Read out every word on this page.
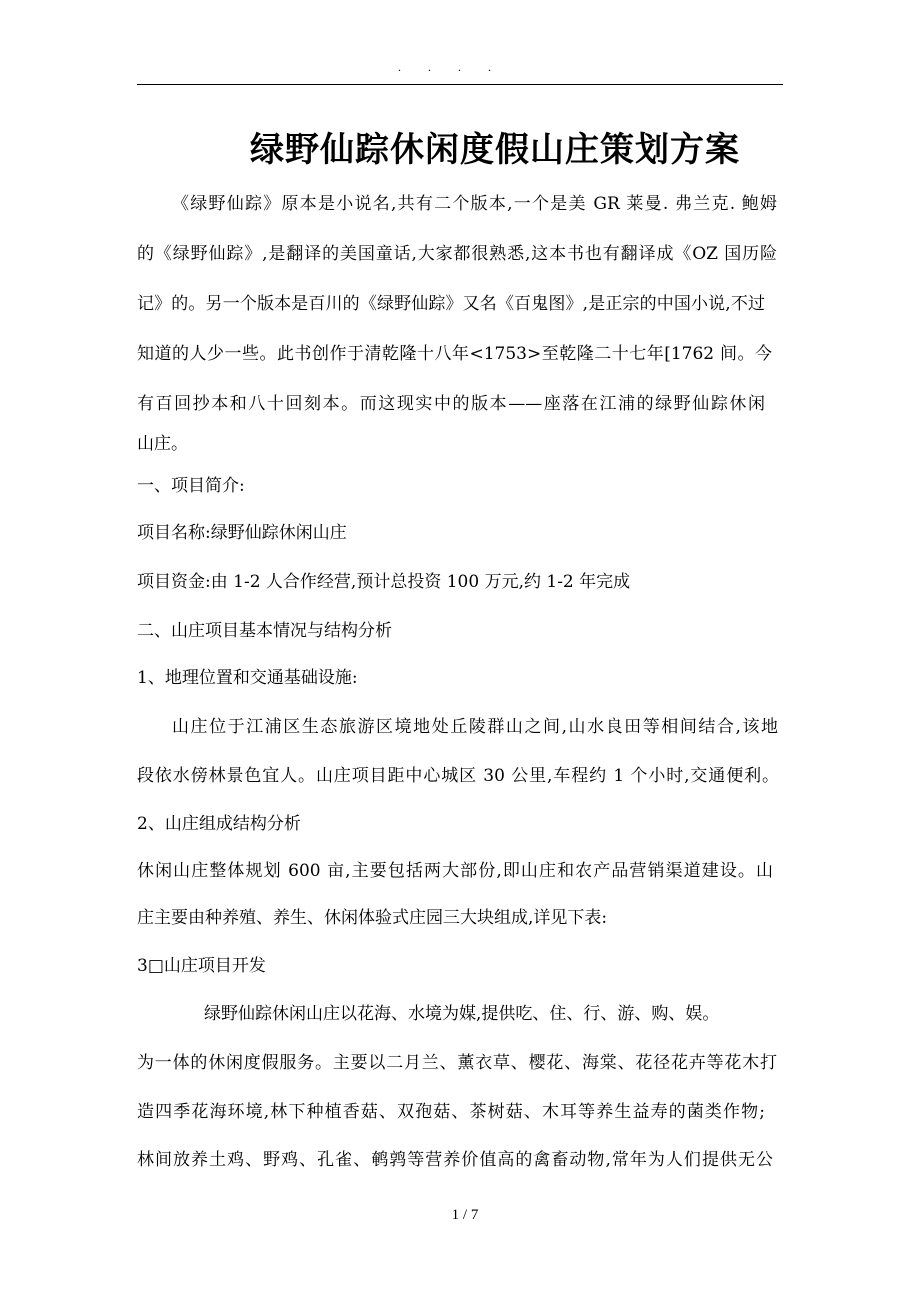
. . . .
绿野仙踪休闲度假山庄策划方案
《绿野仙踪》原本是小说名,共有二个版本,一个是美 GR 莱曼. 弗兰克. 鲍姆
的《绿野仙踪》,是翻译的美国童话,大家都很熟悉,这本书也有翻译成《OZ 国历险
记》的。另一个版本是百川的《绿野仙踪》又名《百鬼图》,是正宗的中国小说,不过
知道的人少一些。此书创作于清乾隆十八年<1753>至乾隆二十七年[1762 间。今
有百回抄本和八十回刻本。而这现实中的版本——座落在江浦的绿野仙踪休闲
山庄。
一、项目简介:
项目名称:绿野仙踪休闲山庄
项目资金:由 1-2 人合作经营,预计总投资 100 万元,约 1-2 年完成
二、山庄项目基本情况与结构分析
1、地理位置和交通基础设施:
山庄位于江浦区生态旅游区境地处丘陵群山之间,山水良田等相间结合,该地
段依水傍林景色宜人。山庄项目距中心城区 30 公里,车程约 1 个小时,交通便利。
2、山庄组成结构分析
休闲山庄整体规划 600 亩,主要包括两大部份,即山庄和农产品营销渠道建设。山
庄主要由种养殖、养生、休闲体验式庄园三大块组成,详见下表:
3□山庄项目开发
绿野仙踪休闲山庄以花海、水境为媒,提供吃、住、行、游、购、娱。
为一体的休闲度假服务。主要以二月兰、薰衣草、樱花、海棠、花径花卉等花木打
造四季花海环境,林下种植香菇、双孢菇、茶树菇、木耳等养生益寿的菌类作物;
林间放养土鸡、野鸡、孔雀、鹌鹑等营养价值高的禽畜动物,常年为人们提供无公
1 / 7
